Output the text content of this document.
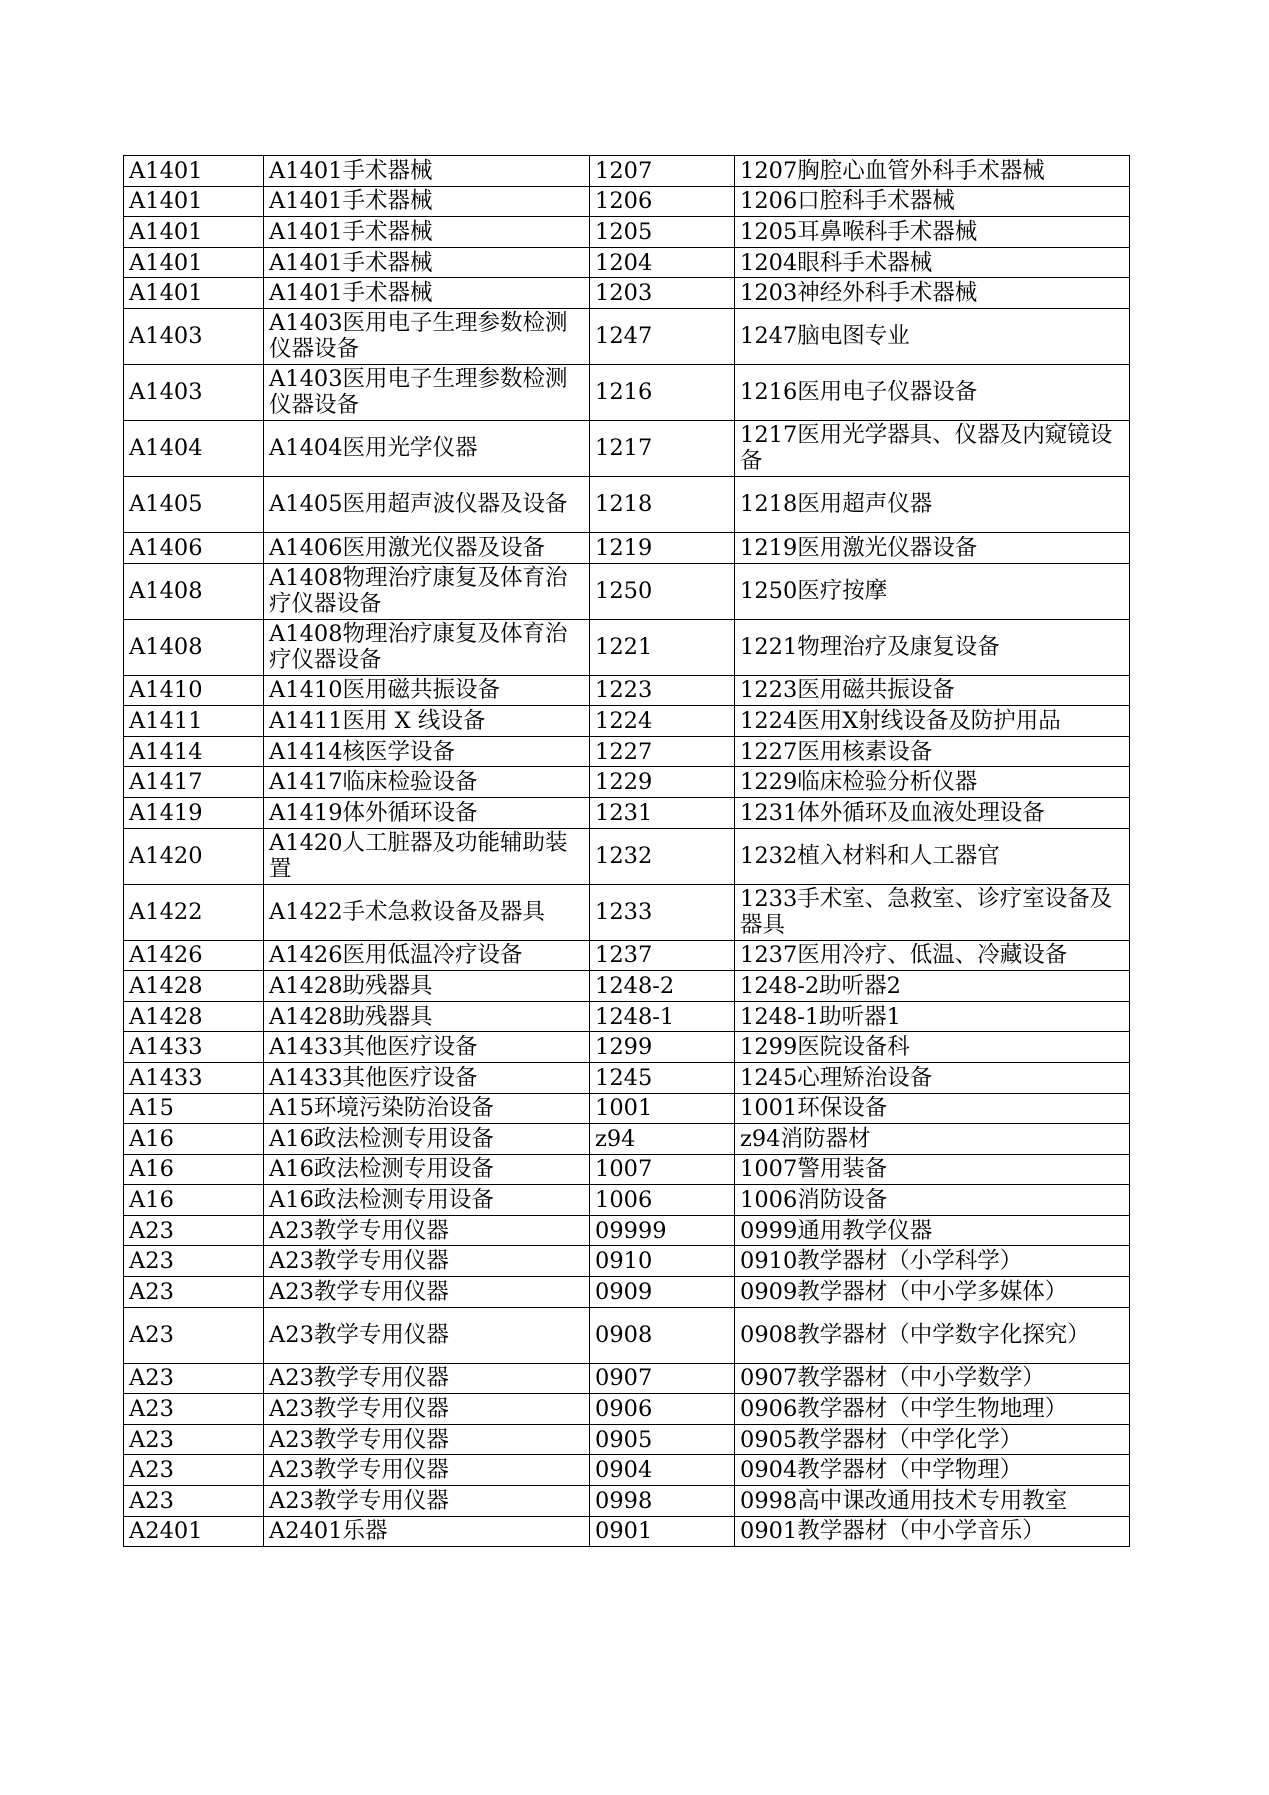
A1401	A1401手术器械	1207	1207胸腔心血管外科手术器械
A1401	A1401手术器械	1206	1206口腔科手术器械
A1401	A1401手术器械	1205	1205耳鼻喉科手术器械
A1401	A1401手术器械	1204	1204眼科手术器械
A1401	A1401手术器械	1203	1203神经外科手术器械
A1403	A1403医用电子生理参数检测仪器设备	1247	1247脑电图专业
A1403	A1403医用电子生理参数检测仪器设备	1216	1216医用电子仪器设备
A1404	A1404医用光学仪器	1217	1217医用光学器具、仪器及内窥镜设备
A1405	A1405医用超声波仪器及设备	1218	1218医用超声仪器
A1406	A1406医用激光仪器及设备	1219	1219医用激光仪器设备
A1408	A1408物理治疗康复及体育治疗仪器设备	1250	1250医疗按摩
A1408	A1408物理治疗康复及体育治疗仪器设备	1221	1221物理治疗及康复设备
A1410	A1410医用磁共振设备	1223	1223医用磁共振设备
A1411	A1411医用 X 线设备	1224	1224医用X射线设备及防护用品
A1414	A1414核医学设备	1227	1227医用核素设备
A1417	A1417临床检验设备	1229	1229临床检验分析仪器
A1419	A1419体外循环设备	1231	1231体外循环及血液处理设备
A1420	A1420人工脏器及功能辅助装置	1232	1232植入材料和人工器官
A1422	A1422手术急救设备及器具	1233	1233手术室、急救室、诊疗室设备及器具
A1426	A1426医用低温冷疗设备	1237	1237医用冷疗、低温、冷藏设备
A1428	A1428助残器具	1248-2	1248-2助听器2
A1428	A1428助残器具	1248-1	1248-1助听器1
A1433	A1433其他医疗设备	1299	1299医院设备科
A1433	A1433其他医疗设备	1245	1245心理矫治设备
A15	A15环境污染防治设备	1001	1001环保设备
A16	A16政法检测专用设备	z94	z94消防器材
A16	A16政法检测专用设备	1007	1007警用装备
A16	A16政法检测专用设备	1006	1006消防设备
A23	A23教学专用仪器	09999	0999通用教学仪器
A23	A23教学专用仪器	0910	0910教学器材（小学科学）
A23	A23教学专用仪器	0909	0909教学器材（中小学多媒体）
A23	A23教学专用仪器	0908	0908教学器材（中学数字化探究）
A23	A23教学专用仪器	0907	0907教学器材（中小学数学）
A23	A23教学专用仪器	0906	0906教学器材（中学生物地理）
A23	A23教学专用仪器	0905	0905教学器材（中学化学）
A23	A23教学专用仪器	0904	0904教学器材（中学物理）
A23	A23教学专用仪器	0998	0998高中课改通用技术专用教室
A2401	A2401乐器	0901	0901教学器材（中小学音乐）
